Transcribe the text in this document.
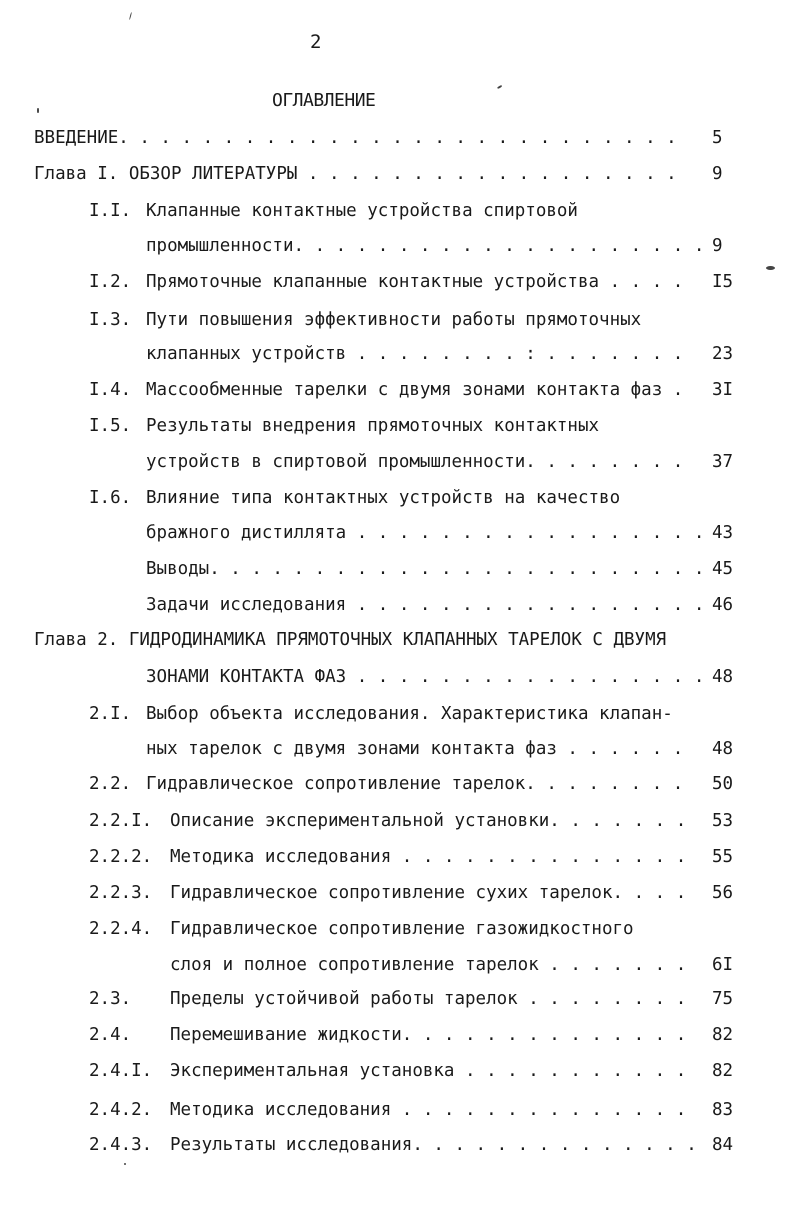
2
ОГЛАВЛЕНИЕ
ВВЕДЕНИЕ. . . . . . . . . . . . . . . . . . . . . . . . . . . 5
Глава I. ОБЗОР ЛИТЕРАТУРЫ . . . . . . . . . . . . . . . . . . 9
I.I. Клапанные контактные устройства спиртовой
промышленности. . . . . . . . . . . . . . . . . . . . 9
I.2. Прямоточные клапанные контактные устройства . . . . I5
I.3. Пути повышения эффективности работы прямоточных
клапанных устройств . . . . . . . . : . . . . . . . 23
I.4. Массообменные тарелки с двумя зонами контакта фаз . 3I
I.5. Результаты внедрения прямоточных контактных
устройств в спиртовой промышленности. . . . . . . . 37
I.6. Влияние типа контактных устройств на качество
бражного дистиллята . . . . . . . . . . . . . . . . . 43
Выводы. . . . . . . . . . . . . . . . . . . . . . . . 45
Задачи исследования . . . . . . . . . . . . . . . . . 46
Глава 2. ГИДРОДИНАМИКА ПРЯМОТОЧНЫХ КЛАПАННЫХ ТАРЕЛОК С ДВУМЯ
ЗОНАМИ КОНТАКТА ФАЗ . . . . . . . . . . . . . . . . . 48
2.I. Выбор объекта исследования. Характеристика клапан-
ных тарелок с двумя зонами контакта фаз . . . . . . 48
2.2. Гидравлическое сопротивление тарелок. . . . . . . . 50
2.2.I. Описание экспериментальной установки. . . . . . . 53
2.2.2. Методика исследования . . . . . . . . . . . . . . 55
2.2.3. Гидравлическое сопротивление сухих тарелок. . . . 56
2.2.4. Гидравлическое сопротивление газожидкостного
слоя и полное сопротивление тарелок . . . . . . . 6I
2.3. Пределы устойчивой работы тарелок . . . . . . . . 75
2.4. Перемешивание жидкости. . . . . . . . . . . . . . 82
2.4.I. Экспериментальная установка . . . . . . . . . . . 82
2.4.2. Методика исследования . . . . . . . . . . . . . . 83
2.4.3. Результаты исследования. . . . . . . . . . . . . . 84
